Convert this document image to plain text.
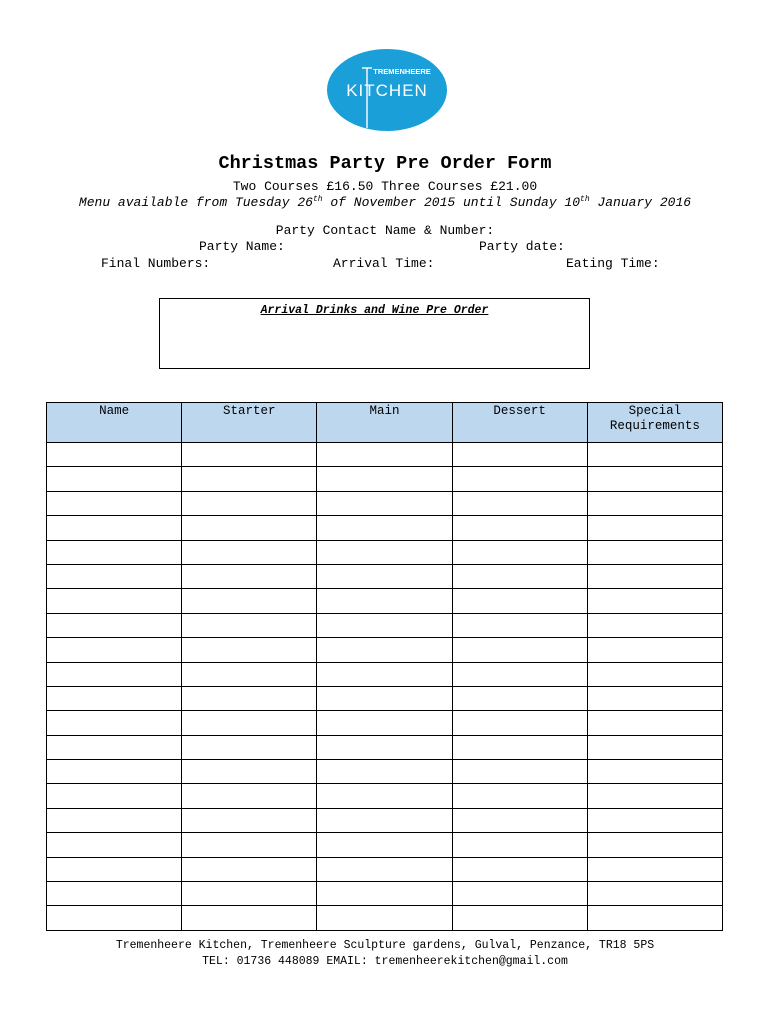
TREMENHEERE
KITCHEN
Christmas Party Pre Order Form
Two Courses £16.50 Three Courses £21.00
Menu available from Tuesday 26th of November 2015 until Sunday 10th January 2016
Party Contact Name & Number:
Party Name:	Party date:
Final Numbers:	Arrival Time:	Eating Time:
Arrival Drinks and Wine Pre Order
Name	Starter	Main	Dessert	Special Requirements

Tremenheere Kitchen, Tremenheere Sculpture gardens, Gulval, Penzance, TR18 5PS
TEL: 01736 448089 EMAIL: tremenheerekitchen@gmail.com
